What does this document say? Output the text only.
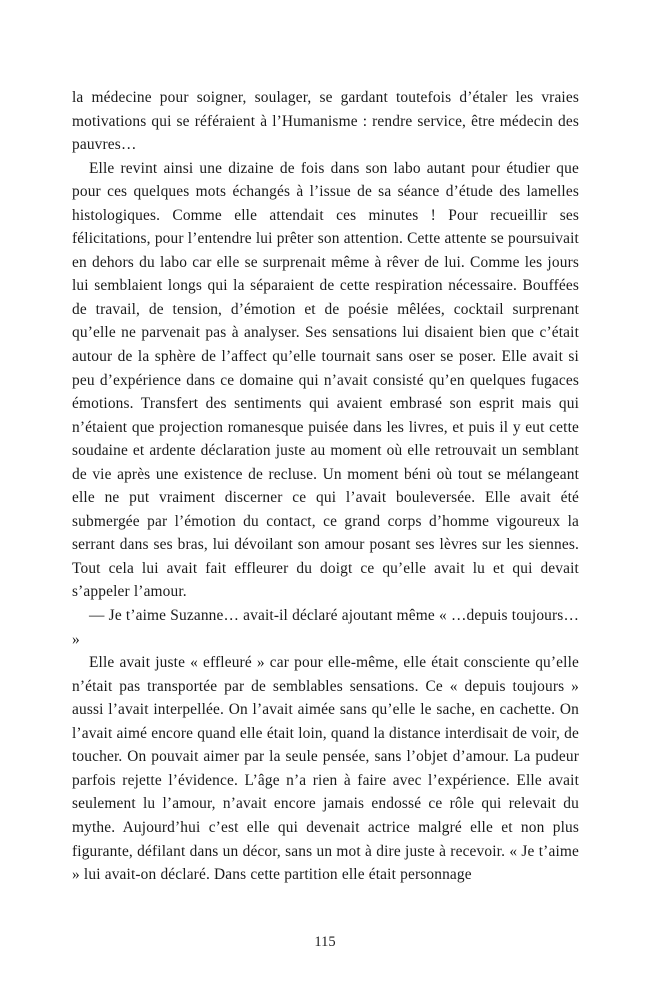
la médecine pour soigner, soulager, se gardant toutefois d’étaler les vraies motivations qui se référaient à l’Humanisme : rendre service, être médecin des pauvres…

Elle revint ainsi une dizaine de fois dans son labo autant pour étudier que pour ces quelques mots échangés à l’issue de sa séance d’étude des lamelles histologiques. Comme elle attendait ces minutes ! Pour recueillir ses félicitations, pour l’entendre lui prêter son attention. Cette attente se poursuivait en dehors du labo car elle se surprenait même à rêver de lui. Comme les jours lui semblaient longs qui la séparaient de cette respiration nécessaire. Bouffées de travail, de tension, d’émotion et de poésie mêlées, cocktail surprenant qu’elle ne parvenait pas à analyser. Ses sensations lui disaient bien que c’était autour de la sphère de l’affect qu’elle tournait sans oser se poser. Elle avait si peu d’expérience dans ce domaine qui n’avait consisté qu’en quelques fugaces émotions. Transfert des sentiments qui avaient embrasé son esprit mais qui n’étaient que projection romanesque puisée dans les livres, et puis il y eut cette soudaine et ardente déclaration juste au moment où elle retrouvait un semblant de vie après une existence de recluse. Un moment béni où tout se mélangeant elle ne put vraiment discerner ce qui l’avait bouleversée. Elle avait été submergée par l’émotion du contact, ce grand corps d’homme vigoureux la serrant dans ses bras, lui dévoilant son amour posant ses lèvres sur les siennes. Tout cela lui avait fait effleurer du doigt ce qu’elle avait lu et qui devait s’appeler l’amour.

— Je t’aime Suzanne… avait-il déclaré ajoutant même « …depuis toujours… »

Elle avait juste « effleuré » car pour elle-même, elle était consciente qu’elle n’était pas transportée par de semblables sensations. Ce « depuis toujours » aussi l’avait interpellée. On l’avait aimée sans qu’elle le sache, en cachette. On l’avait aimé encore quand elle était loin, quand la distance interdisait de voir, de toucher. On pouvait aimer par la seule pensée, sans l’objet d’amour. La pudeur parfois rejette l’évidence. L’âge n’a rien à faire avec l’expérience. Elle avait seulement lu l’amour, n’avait encore jamais endossé ce rôle qui relevait du mythe. Aujourd’hui c’est elle qui devenait actrice malgré elle et non plus figurante, défilant dans un décor, sans un mot à dire juste à recevoir. « Je t’aime » lui avait-on déclaré. Dans cette partition elle était personnage

115
